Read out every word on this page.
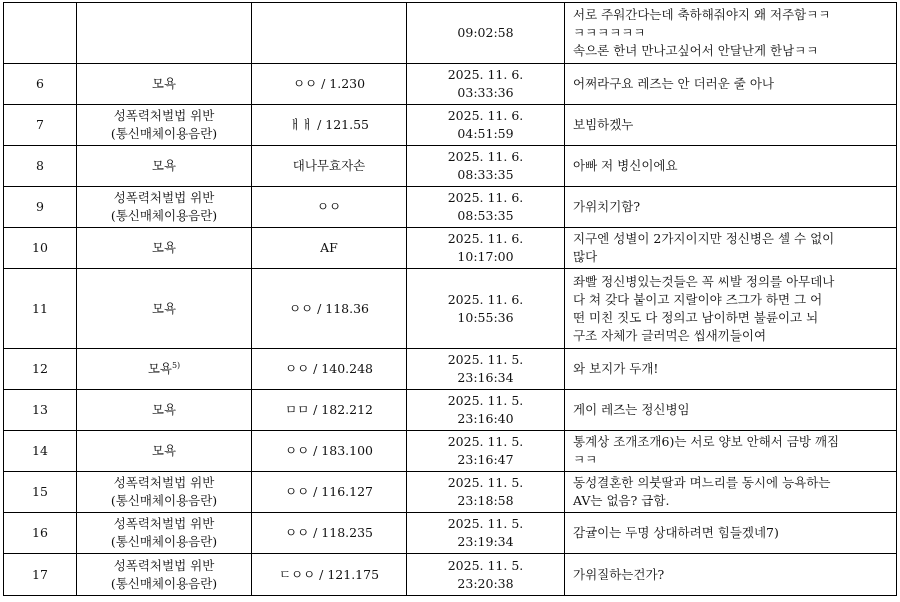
			09:02:58	서로 주워간다는데 축하해줘야지 왜 저주함ㅋㅋ
ㅋㅋㅋㅋㅋㅋ
속으론 한녀 만나고싶어서 안달난게 한남ㅋㅋ

6	모욕	ㅇㅇ / 1.230	2025. 11. 6.
03:33:36	어쩌라구요 레즈는 안 더러운 줄 아나

7	성폭력처벌법 위반
(통신매체이용음란)	ㅐㅐ / 121.55	2025. 11. 6.
04:51:59	보빔하겠누

8	모욕	대나무효자손	2025. 11. 6.
08:33:35	아빠 저 병신이에요

9	성폭력처벌법 위반
(통신매체이용음란)	ㅇㅇ	2025. 11. 6.
08:53:35	가위치기함?

10	모욕	AF	2025. 11. 6.
10:17:00	지구엔 성별이 2가지이지만 정신병은 셀 수 없이
많다

11	모욕	ㅇㅇ / 118.36	2025. 11. 6.
10:55:36	좌빨 정신병있는것들은 꼭 씨발 정의를 아무데나
다 쳐 갖다 붙이고 지랄이야 즈그가 하면 그 어
떤 미친 짓도 다 정의고 남이하면 불륜이고 뇌
구조 자체가 글러먹은 씹새끼들이여

12	모욕$^{5)}$	ㅇㅇ / 140.248	2025. 11. 5.
23:16:34	와 보지가 두개!

13	모욕	ㅁㅁ / 182.212	2025. 11. 5.
23:16:40	게이 레즈는 정신병임

14	모욕	ㅇㅇ / 183.100	2025. 11. 5.
23:16:47	통계상 조개조개6)는 서로 양보 안해서 금방 깨짐
ㅋㅋ

15	성폭력처벌법 위반
(통신매체이용음란)	ㅇㅇ / 116.127	2025. 11. 5.
23:18:58	동성결혼한 의붓딸과 며느리를 동시에 능욕하는
AV는 없음? 급함.

16	성폭력처벌법 위반
(통신매체이용음란)	ㅇㅇ / 118.235	2025. 11. 5.
23:19:34	감귤이는 두명 상대하려면 힘들겠네7)

17	성폭력처벌법 위반
(통신매체이용음란)	ㄷㅇㅇ / 121.175	2025. 11. 5.
23:20:38	가위질하는건가?
